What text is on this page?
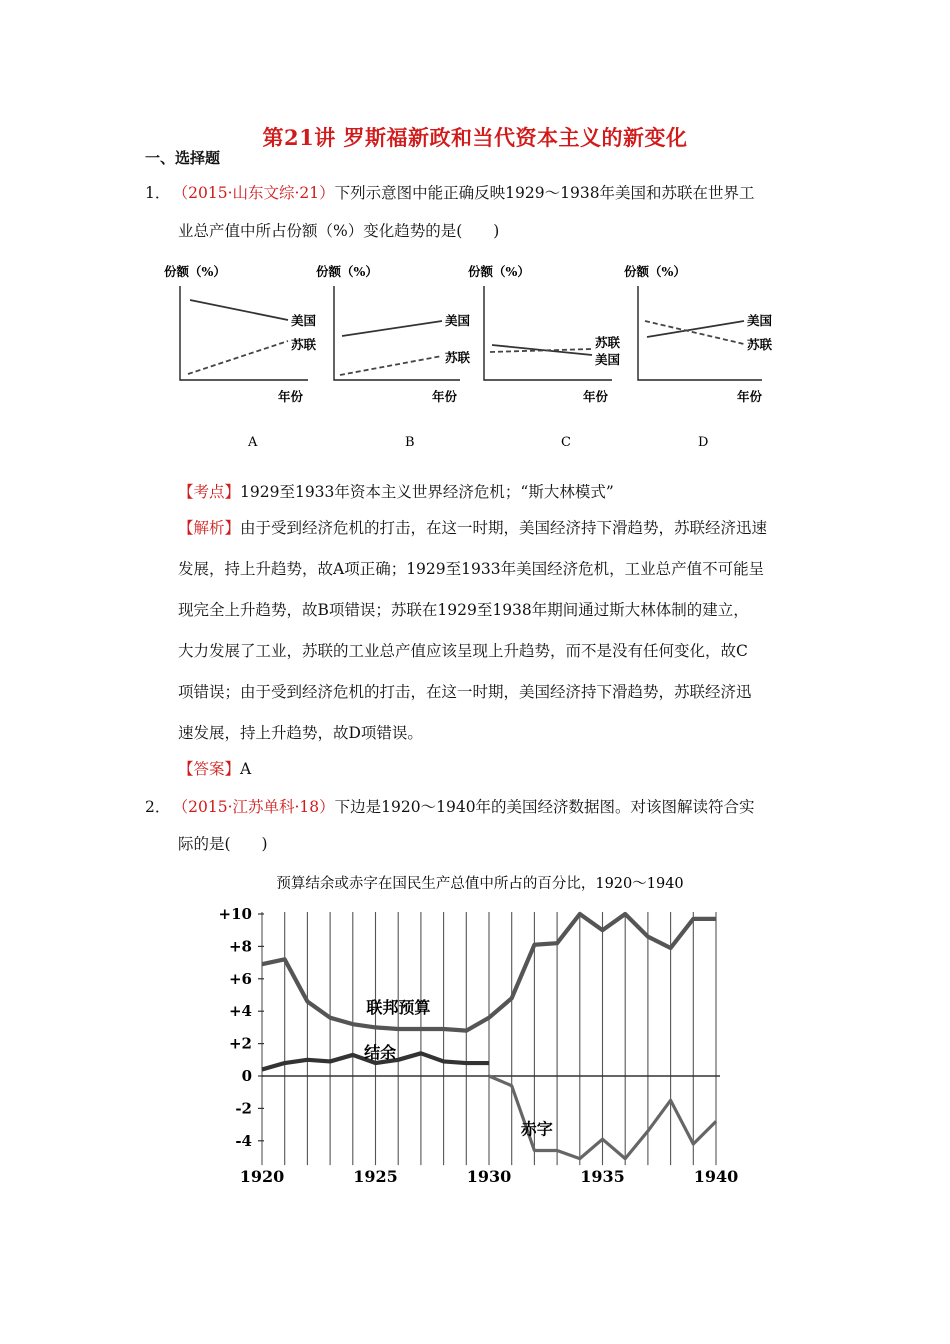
第21讲 罗斯福新政和当代资本主义的新变化
一、选择题
1． （2015·山东文综·21）下列示意图中能正确反映1929～1938年美国和苏联在世界工
业总产值中所占份额（%）变化趋势的是(　　)
份额（%）
美国
苏联
年份
A
份额（%）
美国
苏联
年份
B
份额（%）
苏联
美国
年份
C
份额（%）
美国
苏联
年份
D
【考点】1929至1933年资本主义世界经济危机；“斯大林模式”
【解析】由于受到经济危机的打击，在这一时期，美国经济持下滑趋势，苏联经济迅速
发展，持上升趋势，故A项正确；1929至1933年美国经济危机，工业总产值不可能呈
现完全上升趋势，故B项错误；苏联在1929至1938年期间通过斯大林体制的建立，
大力发展了工业，苏联的工业总产值应该呈现上升趋势，而不是没有任何变化，故C
项错误；由于受到经济危机的打击，在这一时期，美国经济持下滑趋势，苏联经济迅
速发展，持上升趋势，故D项错误。
【答案】A
2． （2015·江苏单科·18）下边是1920～1940年的美国经济数据图。对该图解读符合实
际的是(　　)
预算结余或赤字在国民生产总值中所占的百分比，1920～1940
+10
+8
+6
+4
+2
0
-2
-4
1920	1925	1930	1935	1940
联邦预算
结余
赤字
